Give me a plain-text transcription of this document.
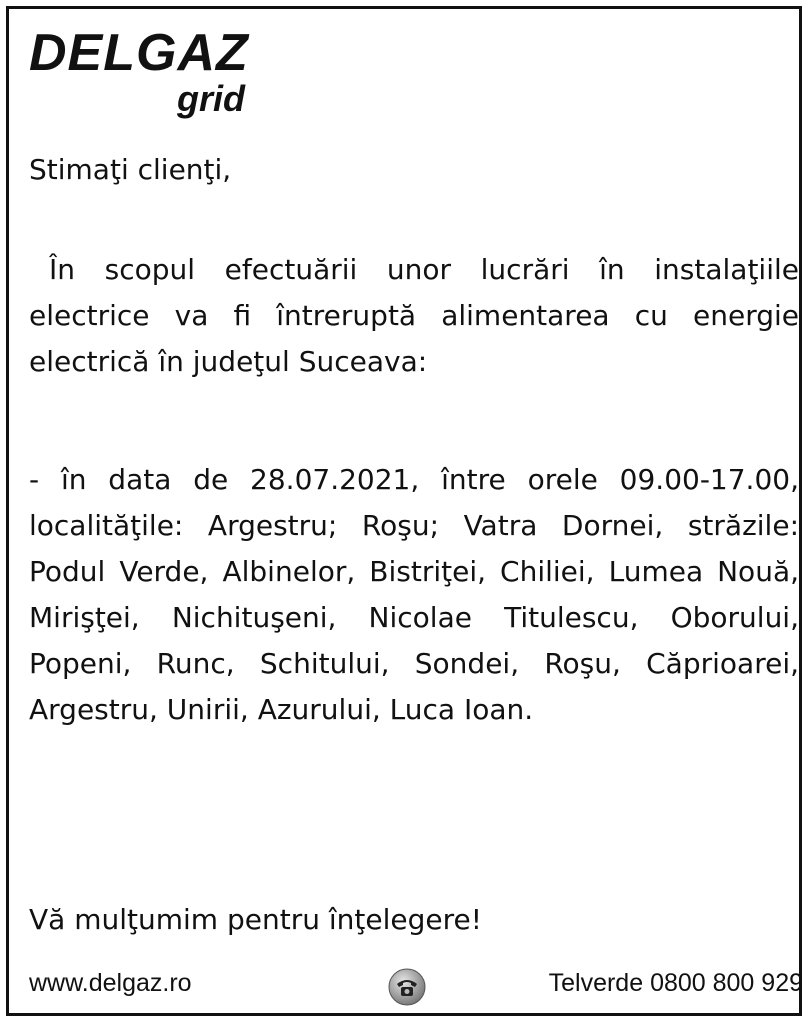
DELGAZ
grid

Stimaţi clienţi,

În scopul efectuării unor lucrări în instalaţiile electrice va fi întreruptă alimentarea cu energie electrică în judeţul Suceava:

- în data de 28.07.2021, între orele 09.00-17.00, localităţile: Argestru; Roşu; Vatra Dornei, străzile: Podul Verde, Albinelor, Bistriţei, Chiliei, Lumea Nouă, Mirişţei, Nichituşeni, Nicolae Titulescu, Oborului, Popeni, Runc, Schitului, Sondei, Roşu, Căprioarei, Argestru, Unirii, Azurului, Luca Ioan.

Vă mulţumim pentru înţelegere!

www.delgaz.ro	Telverde 0800 800 929
